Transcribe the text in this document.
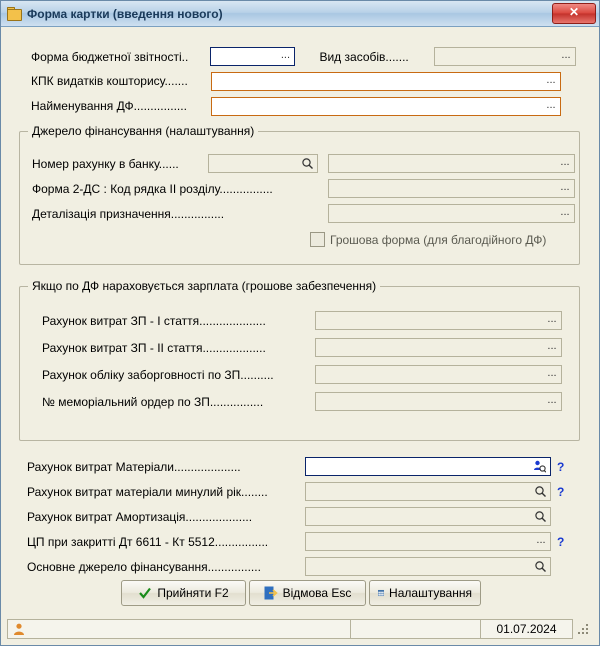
Форма картки (введення нового)	✕
Форма бюджетної звітності..	...	Вид засобів.......	...
КПК видатків кошторису.......	...
Найменування ДФ................	...
Джерело фінансування (налаштування)
Номер рахунку в банку......	...
Форма 2-ДС : Код рядка II розділу................	...
Деталізація призначення................	...
Грошова форма (для благодійного ДФ)
Якщо по ДФ нараховується зарплата (грошове забезпечення)
Рахунок витрат ЗП - I стаття....................	...
Рахунок витрат ЗП - II стаття...................	...
Рахунок обліку заборговності по ЗП..........	...
№ меморіальний ордер по ЗП................	...
Рахунок витрат Матеріали....................	?
Рахунок витрат матеріали минулий рік........	?
Рахунок витрат Амортизація....................
ЦП при закритті Дт 6611 - Кт 5512................	... ?
Основне джерело фінансування................
Прийняти F2	Відмова Esc	Налаштування
01.07.2024
